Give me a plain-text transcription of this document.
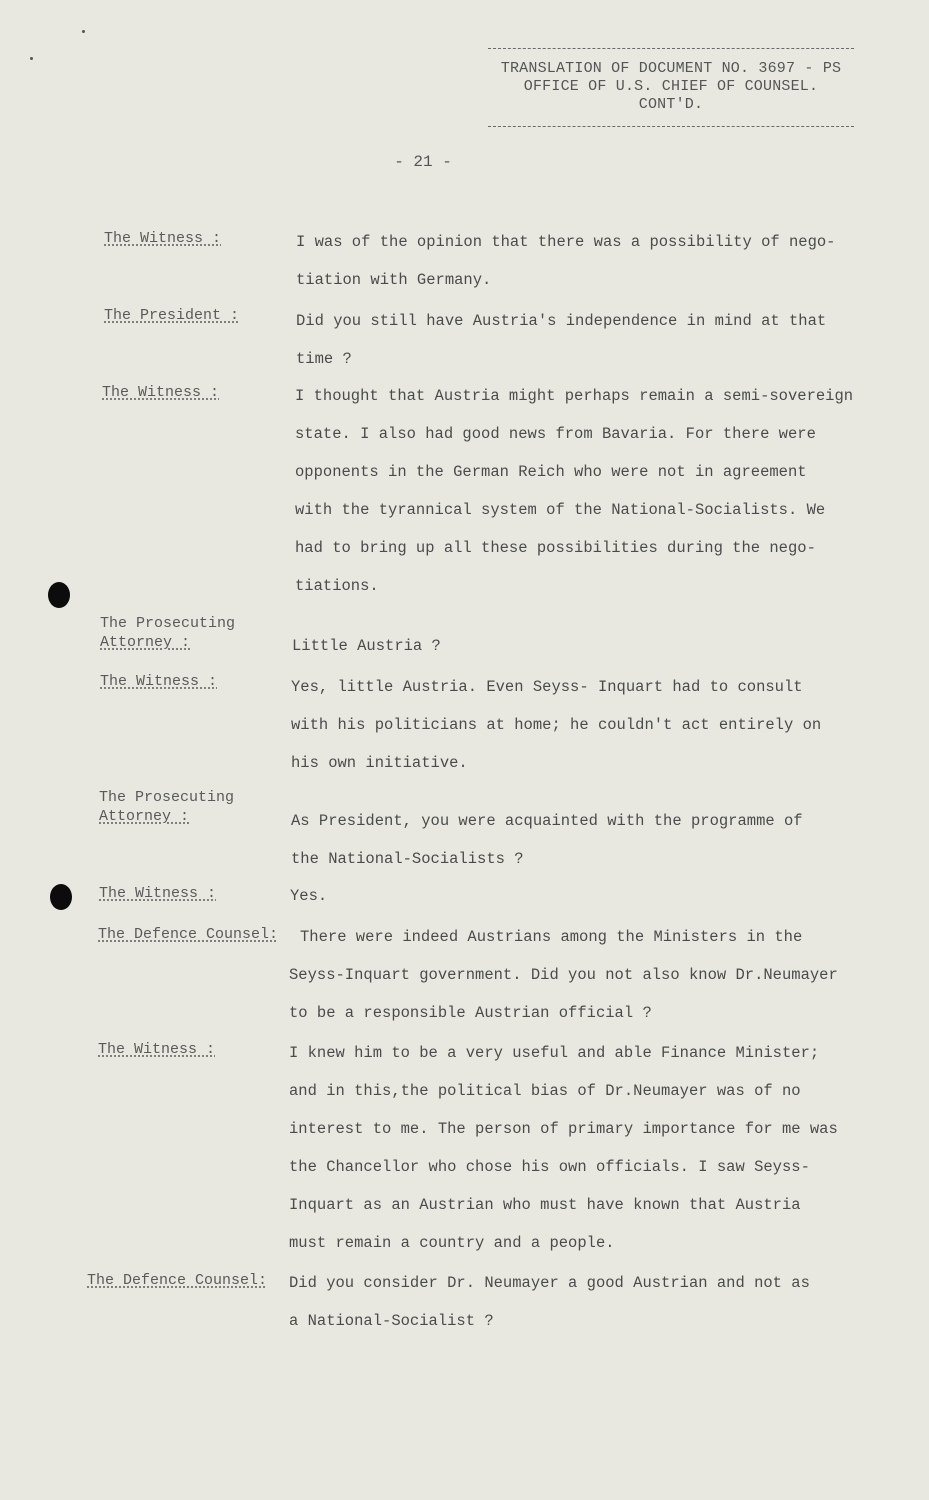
TRANSLATION OF DOCUMENT NO. 3697 - PS
OFFICE OF U.S. CHIEF OF COUNSEL.
CONT'D.
- 21 -
The Witness :	I was of the opinion that there was a possibility of nego-
tiation with Germany.
The President :	Did you still have Austria's independence in mind at that
time ?
The Witness :	I thought that Austria might perhaps remain a semi-sovereign
state. I also had good news from Bavaria. For there were
opponents in the German Reich who were not in agreement
with the tyrannical system of the National-Socialists. We
had to bring up all these possibilities during the nego-
tiations.
The Prosecuting
Attorney :	Little Austria ?
The Witness :	Yes, little Austria. Even Seyss- Inquart had to consult
with his politicians at home; he couldn't act entirely on
his own initiative.
The Prosecuting
Attorney :	As President, you were acquainted with the programme of
the National-Socialists ?
The Witness :	Yes.
The Defence Counsel: There were indeed Austrians among the Ministers in the
Seyss-Inquart government. Did you not also know Dr.Neumayer
to be a responsible Austrian official ?
The Witness :	I knew him to be a very useful and able Finance Minister;
and in this,the political bias of Dr.Neumayer was of no
interest to me. The person of primary importance for me was
the Chancellor who chose his own officials. I saw Seyss-
Inquart as an Austrian who must have known that Austria
must remain a country and a people.
The Defence Counsel: Did you consider Dr. Neumayer a good Austrian and not as
a National-Socialist ?
